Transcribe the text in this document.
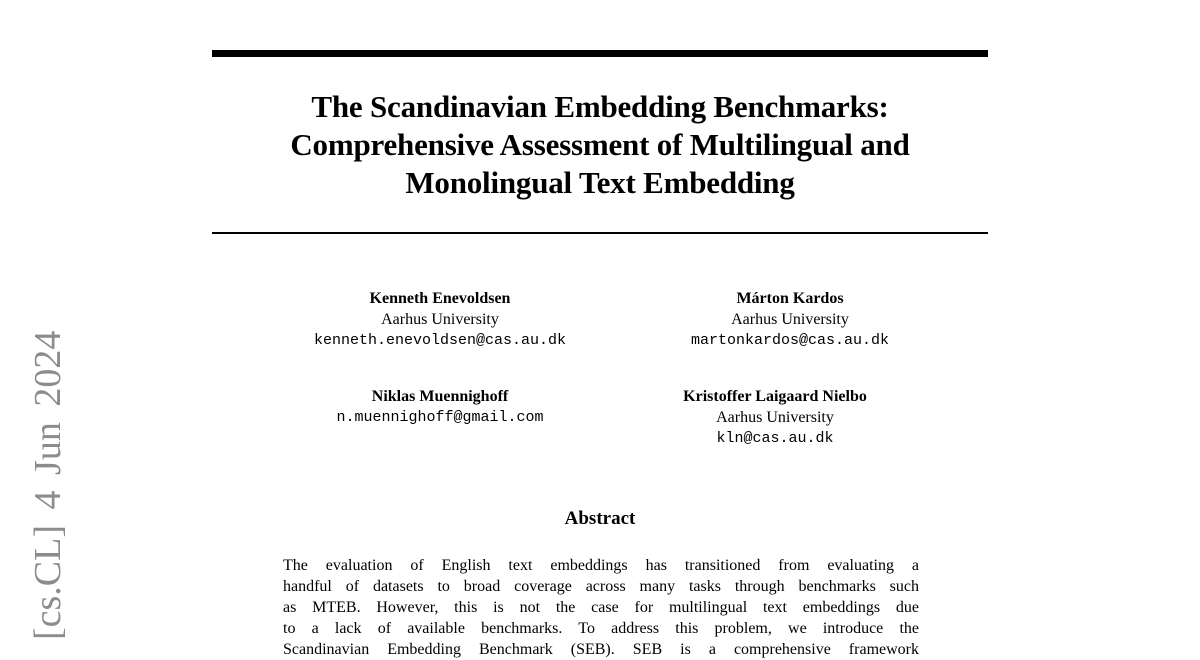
[cs.CL] 4 Jun 2024
The Scandinavian Embedding Benchmarks:
Comprehensive Assessment of Multilingual and
Monolingual Text Embedding
Kenneth Enevoldsen
Aarhus University
kenneth.enevoldsen@cas.au.dk
Márton Kardos
Aarhus University
martonkardos@cas.au.dk
Niklas Muennighoff
n.muennighoff@gmail.com
Kristoffer Laigaard Nielbo
Aarhus University
kln@cas.au.dk
Abstract
The evaluation of English text embeddings has transitioned from evaluating a
handful of datasets to broad coverage across many tasks through benchmarks such
as MTEB. However, this is not the case for multilingual text embeddings due
to a lack of available benchmarks. To address this problem, we introduce the
Scandinavian Embedding Benchmark (SEB). SEB is a comprehensive framework
